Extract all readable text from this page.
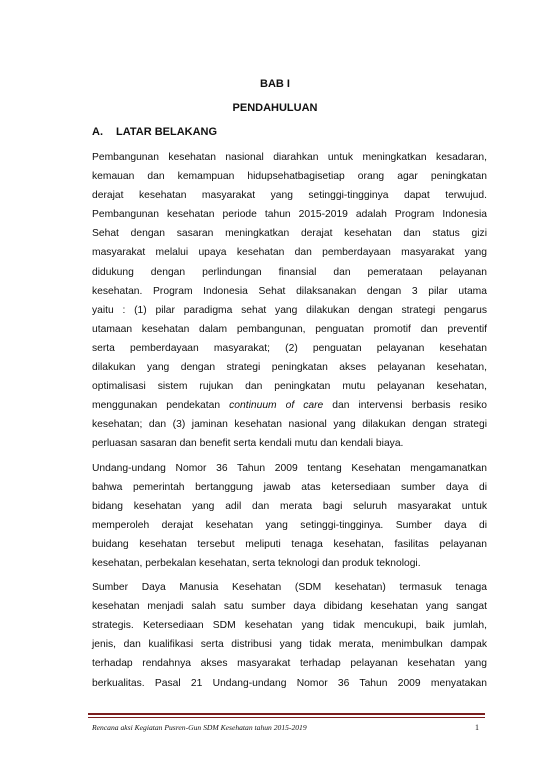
BAB I
PENDAHULUAN
A. LATAR BELAKANG
Pembangunan kesehatan nasional diarahkan untuk meningkatkan kesadaran,
kemauan dan kemampuan hidupsehatbagisetiap orang agar peningkatan
derajat kesehatan masyarakat yang setinggi-tingginya dapat terwujud.
Pembangunan kesehatan periode tahun 2015-2019 adalah Program Indonesia
Sehat dengan sasaran meningkatkan derajat kesehatan dan status gizi
masyarakat melalui upaya kesehatan dan pemberdayaan masyarakat yang
didukung dengan perlindungan finansial dan pemerataan pelayanan
kesehatan. Program Indonesia Sehat dilaksanakan dengan 3 pilar utama
yaitu : (1) pilar paradigma sehat yang dilakukan dengan strategi pengarus
utamaan kesehatan dalam pembangunan, penguatan promotif dan preventif
serta pemberdayaan masyarakat; (2) penguatan pelayanan kesehatan
dilakukan yang dengan strategi peningkatan akses pelayanan kesehatan,
optimalisasi sistem rujukan dan peningkatan mutu pelayanan kesehatan,
menggunakan pendekatan continuum of care dan intervensi berbasis resiko
kesehatan; dan (3) jaminan kesehatan nasional yang dilakukan dengan strategi
perluasan sasaran dan benefit serta kendali mutu dan kendali biaya.
Undang-undang Nomor 36 Tahun 2009 tentang Kesehatan mengamanatkan
bahwa pemerintah bertanggung jawab atas ketersediaan sumber daya di
bidang kesehatan yang adil dan merata bagi seluruh masyarakat untuk
memperoleh derajat kesehatan yang setinggi-tingginya. Sumber daya di
buidang kesehatan tersebut meliputi tenaga kesehatan, fasilitas pelayanan
kesehatan, perbekalan kesehatan, serta teknologi dan produk teknologi.
Sumber Daya Manusia Kesehatan (SDM kesehatan) termasuk tenaga
kesehatan menjadi salah satu sumber daya dibidang kesehatan yang sangat
strategis. Ketersediaan SDM kesehatan yang tidak mencukupi, baik jumlah,
jenis, dan kualifikasi serta distribusi yang tidak merata, menimbulkan dampak
terhadap rendahnya akses masyarakat terhadap pelayanan kesehatan yang
berkualitas. Pasal 21 Undang-undang Nomor 36 Tahun 2009 menyatakan
Rencana aksi Kegiatan Pusren-Gun SDM Kesehatan tahun 2015-2019	1
